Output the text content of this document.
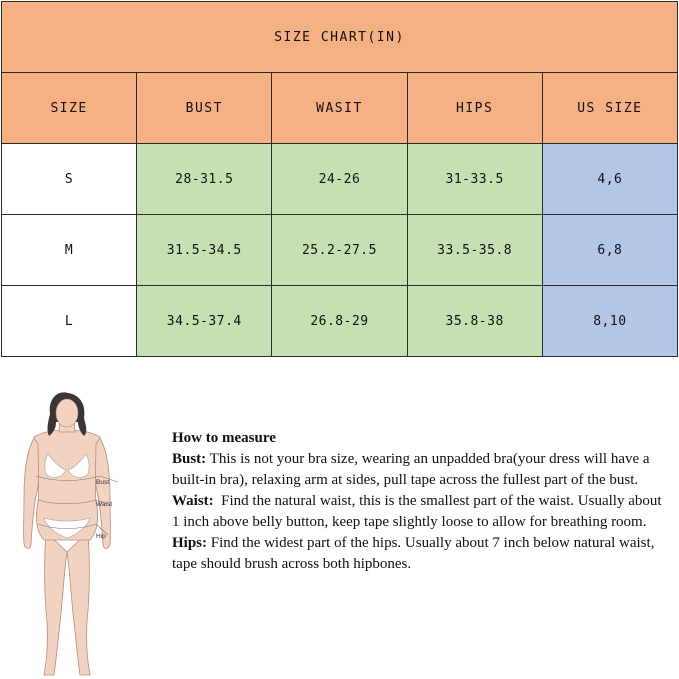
SIZE CHART(IN)				
SIZE	BUST	WASIT	HIPS	US SIZE
S	28-31.5	24-26	31-33.5	4,6
M	31.5-34.5	25.2-27.5	33.5-35.8	6,8
L	34.5-37.4	26.8-29	35.8-38	8,10
Bust
Waist
Hip

How to measure

Bust: This is not your bra size, wearing an unpadded bra(your dress will have a built-in bra), relaxing arm at sides, pull tape across the fullest part of the bust.

Waist:  Find the natural waist, this is the smallest part of the waist. Usually about 1 inch above belly button, keep tape slightly loose to allow for breathing room.

Hips: Find the widest part of the hips. Usually about 7 inch below natural waist, tape should brush across both hipbones.
